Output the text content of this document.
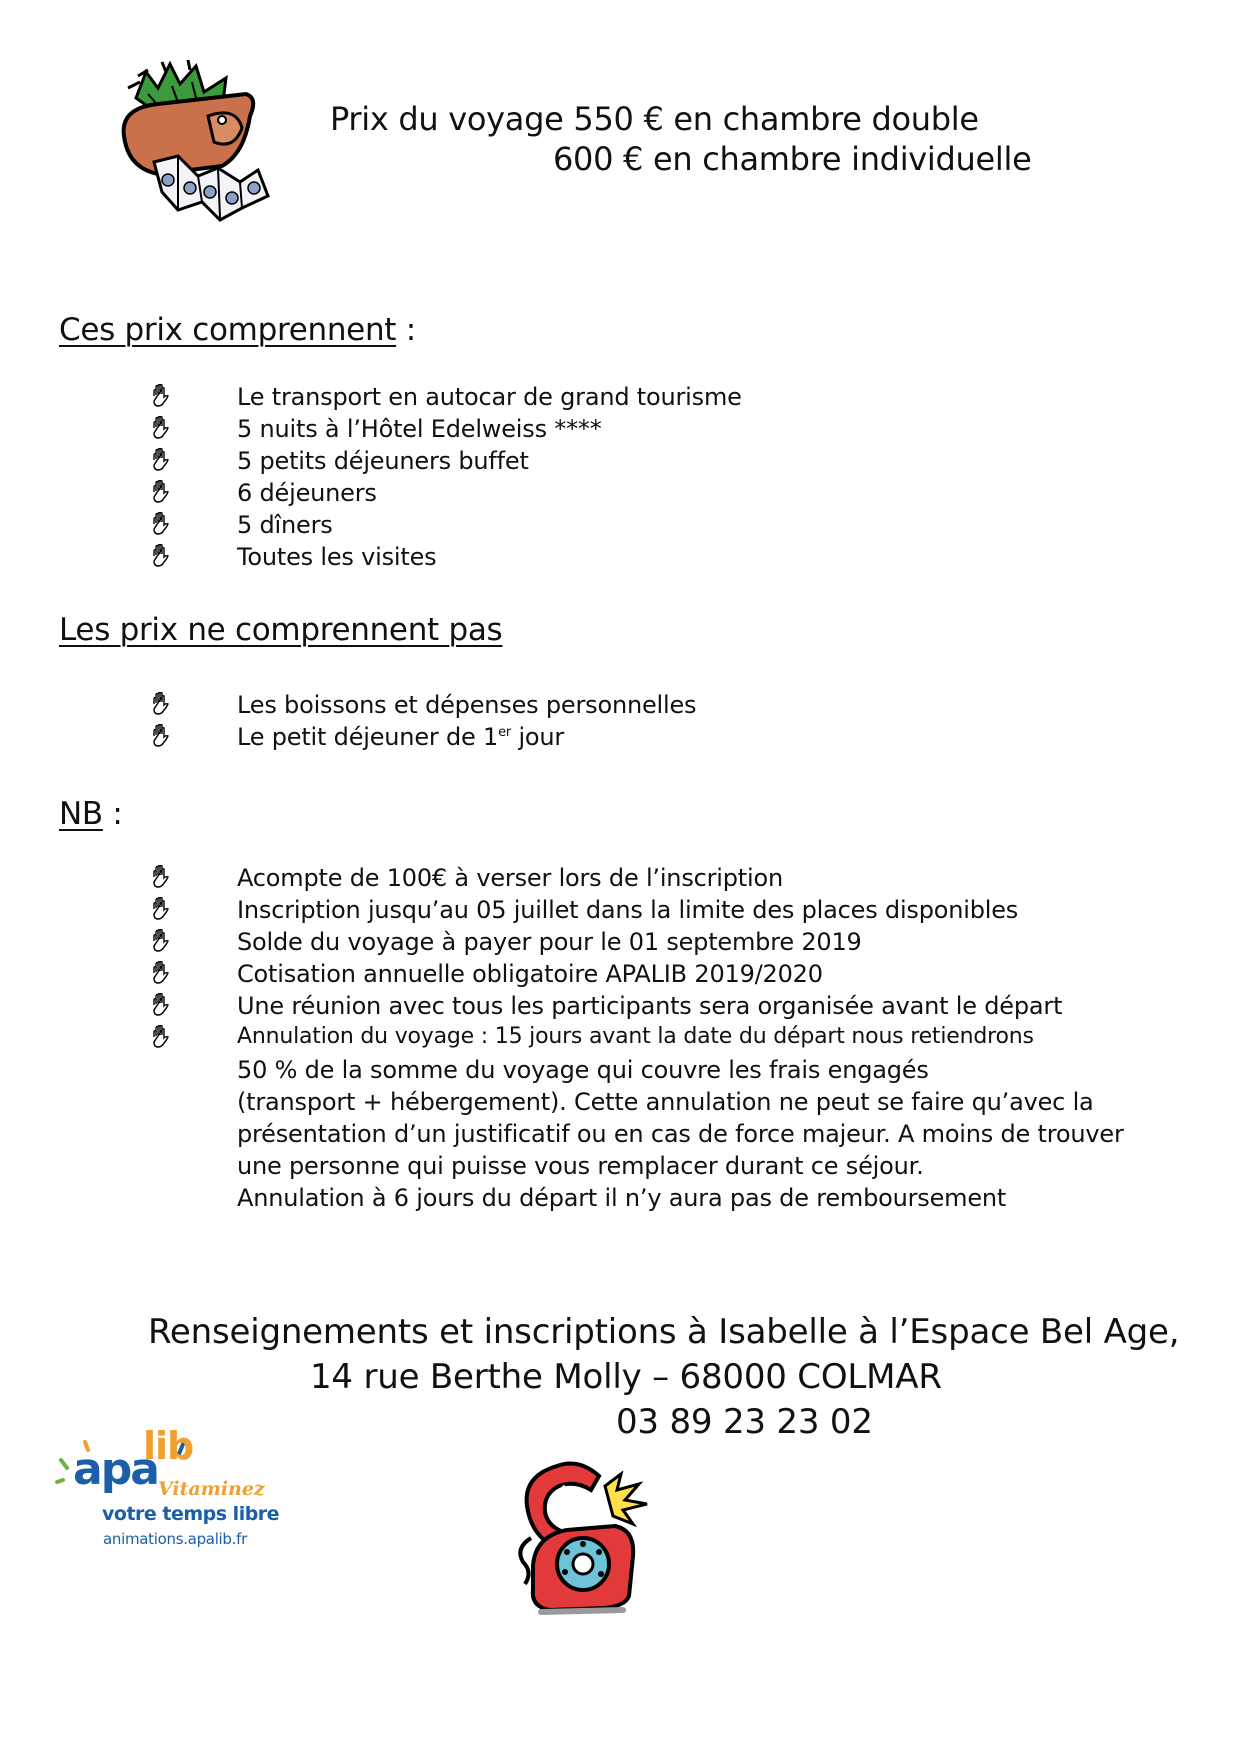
Prix du voyage 550 € en chambre double
600 € en chambre individuelle
Ces prix comprennent :
Le transport en autocar de grand tourisme
5 nuits à l’Hôtel Edelweiss ****
5 petits déjeuners buffet
6 déjeuners
5 dîners
Toutes les visites
Les prix ne comprennent pas
Les boissons et dépenses personnelles
Le petit déjeuner de 1er jour
NB :
Acompte de 100€ à verser lors de l’inscription
Inscription jusqu’au 05 juillet dans la limite des places disponibles
Solde du voyage à payer pour le 01 septembre 2019
Cotisation annuelle obligatoire APALIB 2019/2020
Une réunion avec tous les participants sera organisée avant le départ
Annulation du voyage : 15 jours avant la date du départ nous retiendrons
50 % de la somme du voyage qui couvre les frais engagés
(transport + hébergement). Cette annulation ne peut se faire qu’avec la
présentation d’un justificatif ou en cas de force majeur. A moins de trouver
une personne qui puisse vous remplacer durant ce séjour.
Annulation à 6 jours du départ il n’y aura pas de remboursement
Renseignements et inscriptions à Isabelle à l’Espace Bel Age,
14 rue Berthe Molly – 68000 COLMAR
03 89 23 23 02
apa
lib
Vitaminez
votre temps libre
animations.apalib.fr
